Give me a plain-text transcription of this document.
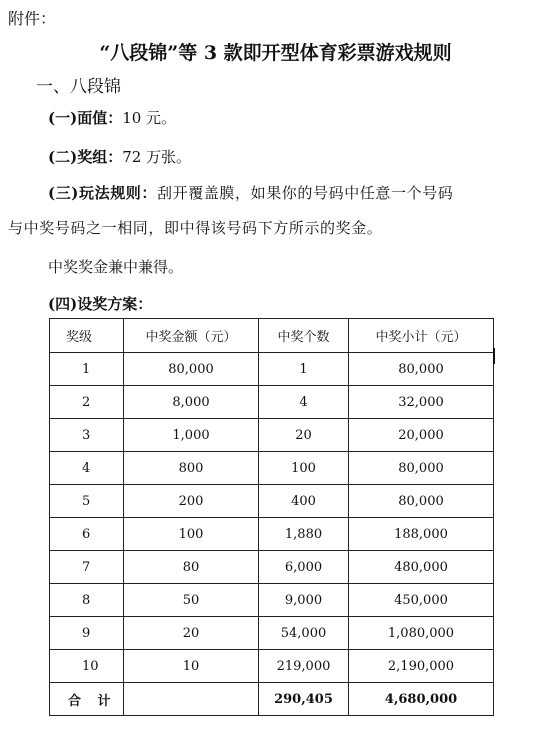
附件：
“八段锦”等 3 款即开型体育彩票游戏规则
一、八段锦
(一)面值：10 元。
(二)奖组：72 万张。
(三)玩法规则：刮开覆盖膜，如果你的号码中任意一个号码
与中奖号码之一相同，即中得该号码下方所示的奖金。
中奖奖金兼中兼得。
(四)设奖方案：
奖级	中奖金额（元）	中奖个数	中奖小计（元）
1	80,000	1	80,000
2	8,000	4	32,000
3	1,000	20	20,000
4	800	100	80,000
5	200	400	80,000
6	100	1,880	188,000
7	80	6,000	480,000
8	50	9,000	450,000
9	20	54,000	1,080,000
10	10	219,000	2,190,000
合 计		290,405	4,680,000
